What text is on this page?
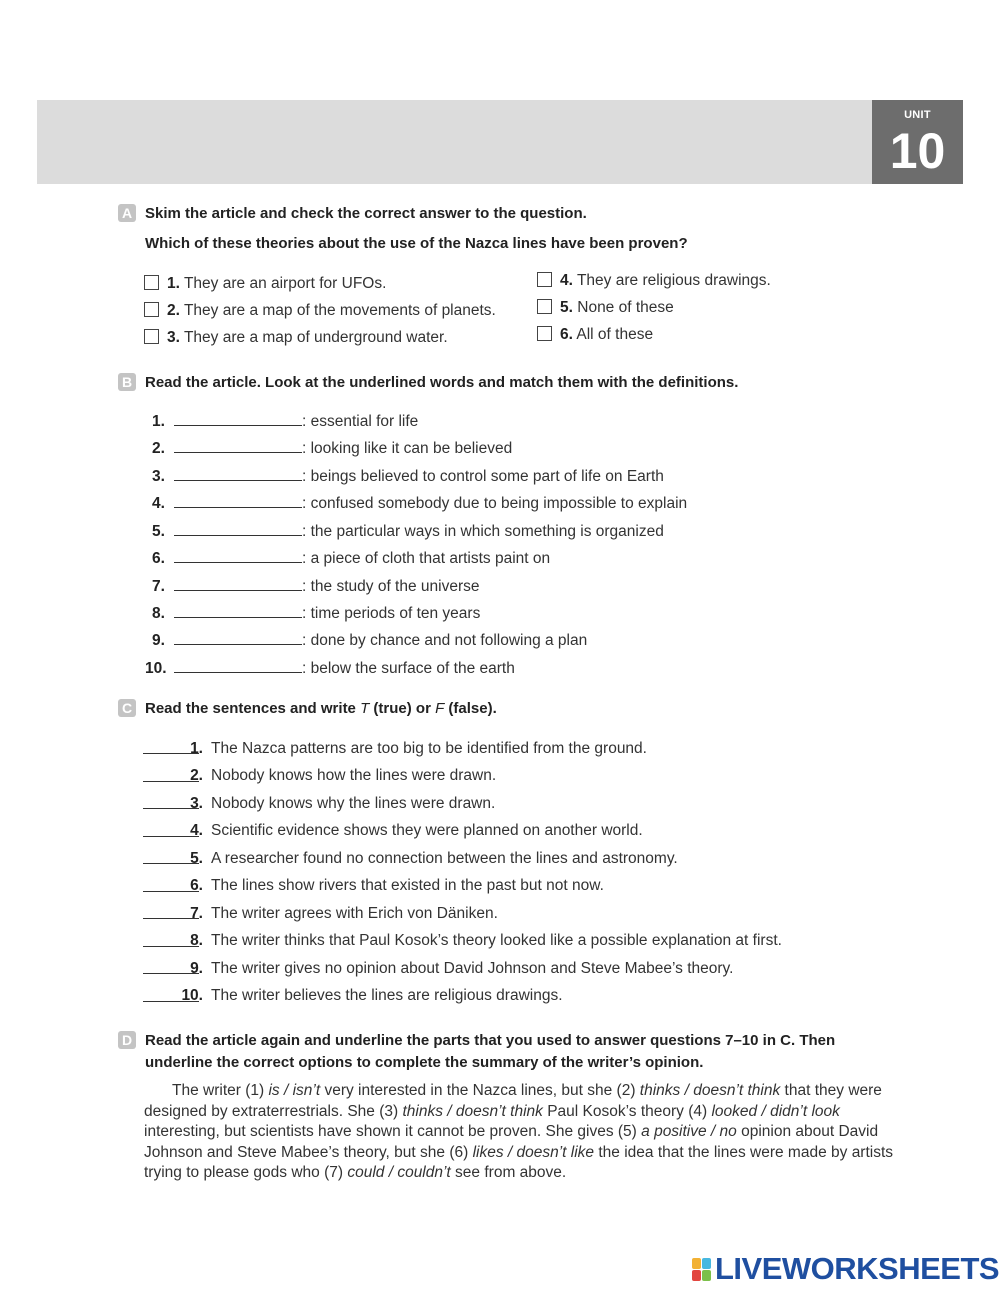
UNIT
10
A Skim the article and check the correct answer to the question.
Which of these theories about the use of the Nazca lines have been proven?
1. They are an airport for UFOs.
2. They are a map of the movements of planets.
3. They are a map of underground water.
4. They are religious drawings.
5. None of these
6. All of these
B Read the article. Look at the underlined words and match them with the definitions.
1.	: essential for life
2.	: looking like it can be believed
3.	: beings believed to control some part of life on Earth
4.	: confused somebody due to being impossible to explain
5.	: the particular ways in which something is organized
6.	: a piece of cloth that artists paint on
7.	: the study of the universe
8.	: time periods of ten years
9.	: done by chance and not following a plan
10.	: below the surface of the earth
C Read the sentences and write T (true) or F (false).
1. The Nazca patterns are too big to be identified from the ground.
2. Nobody knows how the lines were drawn.
3. Nobody knows why the lines were drawn.
4. Scientific evidence shows they were planned on another world.
5. A researcher found no connection between the lines and astronomy.
6. The lines show rivers that existed in the past but not now.
7. The writer agrees with Erich von Däniken.
8. The writer thinks that Paul Kosok’s theory looked like a possible explanation at first.
9. The writer gives no opinion about David Johnson and Steve Mabee’s theory.
10. The writer believes the lines are religious drawings.
D Read the article again and underline the parts that you used to answer questions 7–10 in C. Then
underline the correct options to complete the summary of the writer’s opinion.
The writer (1) is / isn’t very interested in the Nazca lines, but she (2) thinks / doesn’t think that they were designed by extraterrestrials. She (3) thinks / doesn’t think Paul Kosok’s theory (4) looked / didn’t look interesting, but scientists have shown it cannot be proven. She gives (5) a positive / no opinion about David Johnson and Steve Mabee’s theory, but she (6) likes / doesn’t like the idea that the lines were made by artists trying to please gods who (7) could / couldn’t see from above.
LIVEWORKSHEETS
